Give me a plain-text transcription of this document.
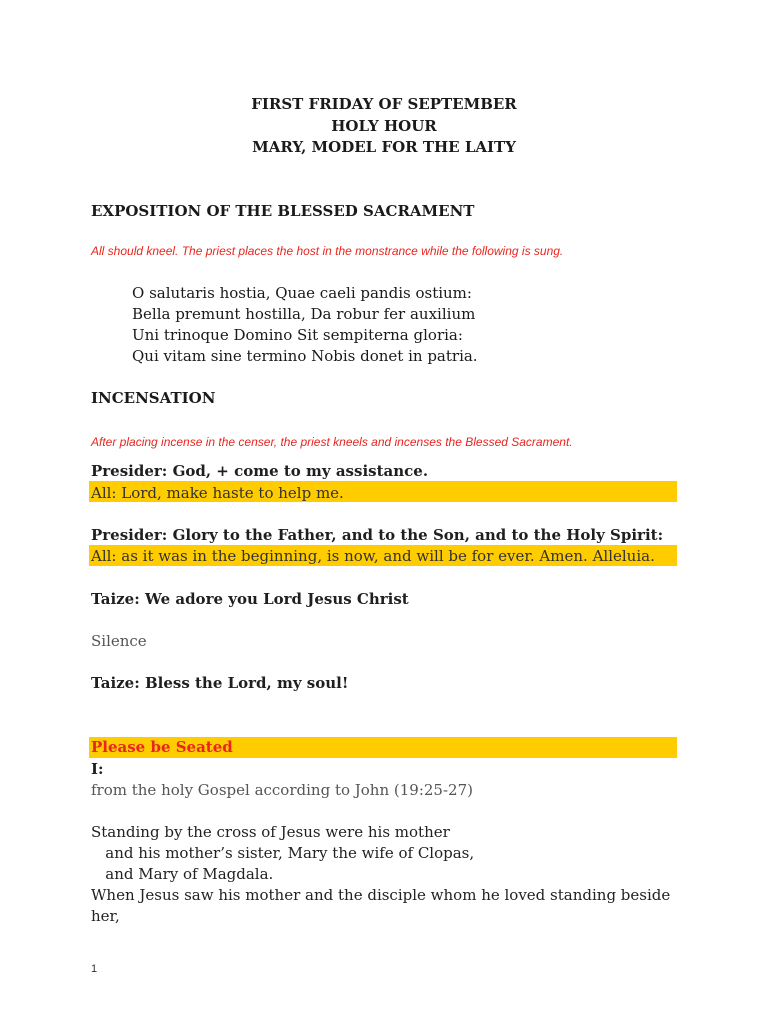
FIRST FRIDAY OF SEPTEMBER
HOLY HOUR
MARY, MODEL FOR THE LAITY
EXPOSITION OF THE BLESSED SACRAMENT
All should kneel. The priest places the host in the monstrance while the following is sung.
O salutaris hostia, Quae caeli pandis ostium:
Bella premunt hostilla, Da robur fer auxilium
Uni trinoque Domino Sit sempiterna gloria:
Qui vitam sine termino Nobis donet in patria.
INCENSATION
After placing incense in the censer, the priest kneels and incenses the Blessed Sacrament.
Presider: God, + come to my assistance.
All: Lord, make haste to help me.
Presider: Glory to the Father, and to the Son, and to the Holy Spirit:
All: as it was in the beginning, is now, and will be for ever. Amen. Alleluia.
Taize: We adore you Lord Jesus Christ
Silence
Taize: Bless the Lord, my soul!
Please be Seated
I:
from the holy Gospel according to John (19:25-27)
Standing by the cross of Jesus were his mother
and his mother’s sister, Mary the wife of Clopas,
and Mary of Magdala.
When Jesus saw his mother and the disciple whom he loved standing beside
her,
1
